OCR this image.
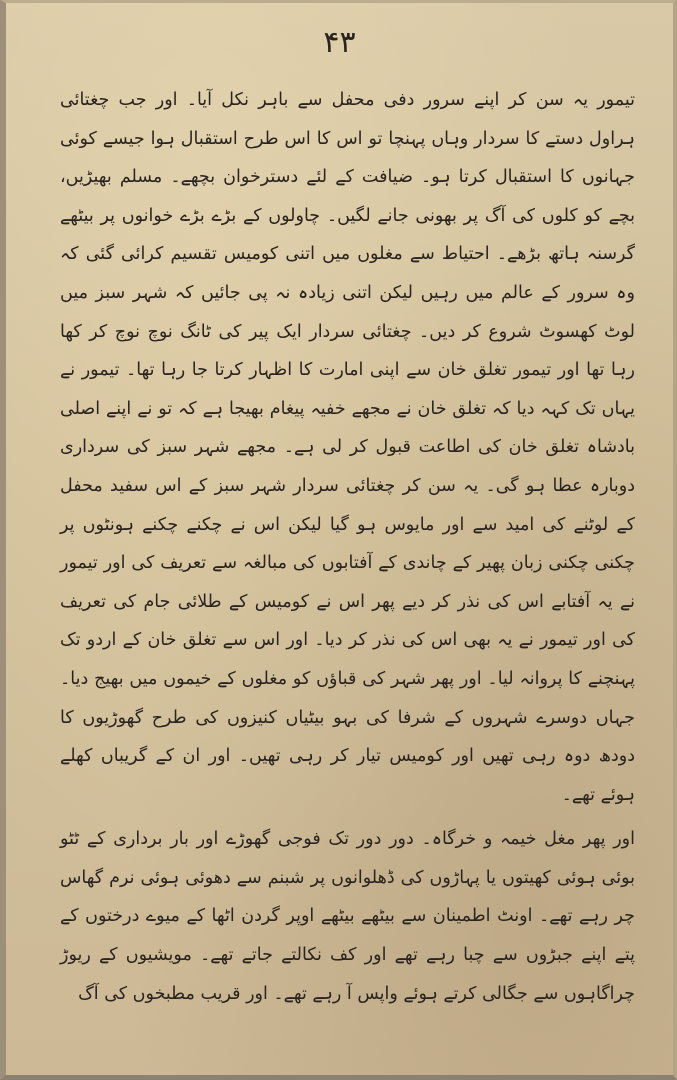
۴۳

تیمور یہ سن کر اپنے سرور دفی محفل سے باہر نکل آیا۔ اور جب چغتائی ہراول دستے کا سردار وہاں پہنچا تو اس کا اس طرح استقبال ہوا جیسے کوئی جہانوں کا استقبال کرتا ہو۔ ضیافت کے لئے دسترخوان بچھے۔ مسلم بھیڑیں، بچے کو کلوں کی آگ پر بھونی جانے لگیں۔ چاولوں کے بڑے بڑے خوانوں پر بیٹھے گرسنہ ہاتھ بڑھے۔ احتیاط سے مغلوں میں اتنی کومیس تقسیم کرائی گئی کہ وہ سرور کے عالم میں رہیں لیکن اتنی زیادہ نہ پی جائیں کہ شہر سبز میں لوٹ کھسوٹ شروع کر دیں۔ چغتائی سردار ایک پیر کی ٹانگ نوچ نوچ کر کھا رہا تھا اور تیمور تغلق خان سے اپنی امارت کا اظہار کرتا جا رہا تھا۔ تیمور نے یہاں تک کہہ دیا کہ تغلق خان نے مجھے خفیہ پیغام بھیجا ہے کہ تو نے اپنے اصلی بادشاہ تغلق خان کی اطاعت قبول کر لی ہے۔ مجھے شہر سبز کی سرداری دوبارہ عطا ہو گی۔ یہ سن کر چغتائی سردار شہر سبز کے اس سفید محفل کے لوٹنے کی امید سے اور مایوس ہو گیا لیکن اس نے چکنے چکنے ہونٹوں پر چکنی چکنی زبان پھیر کے چاندی کے آفتابوں کی مبالغہ سے تعریف کی اور تیمور نے یہ آفتابے اس کی نذر کر دیے پھر اس نے کومیس کے طلائی جام کی تعریف کی اور تیمور نے یہ بھی اس کی نذر کر دیا۔ اور اس سے تغلق خان کے اردو تک پہنچنے کا پروانہ لیا۔ اور پھر شہر کی قباؤں کو مغلوں کے خیموں میں بھیج دیا۔ جہاں دوسرے شہروں کے شرفا کی بہو بیٹیاں کنیزوں کی طرح گھوڑیوں کا دودھ دوہ رہی تھیں اور کومیس تیار کر رہی تھیں۔ اور ان کے گریباں کھلے ہوئے تھے۔

اور پھر مغل خیمہ و خرگاہ۔ دور دور تک فوجی گھوڑے اور بار برداری کے ٹٹو بوئی ہوئی کھیتوں یا پہاڑوں کی ڈھلوانوں پر شبنم سے دھوئی ہوئی نرم گھاس چر رہے تھے۔ اونٹ اطمینان سے بیٹھے بیٹھے اوپر گردن اٹھا کے میوے درختوں کے پتے اپنے جبڑوں سے چبا رہے تھے اور کف نکالتے جاتے تھے۔ مویشیوں کے ریوڑ چراگاہوں سے جگالی کرتے ہوئے واپس آ رہے تھے۔ اور قریب مطبخوں کی آگ
